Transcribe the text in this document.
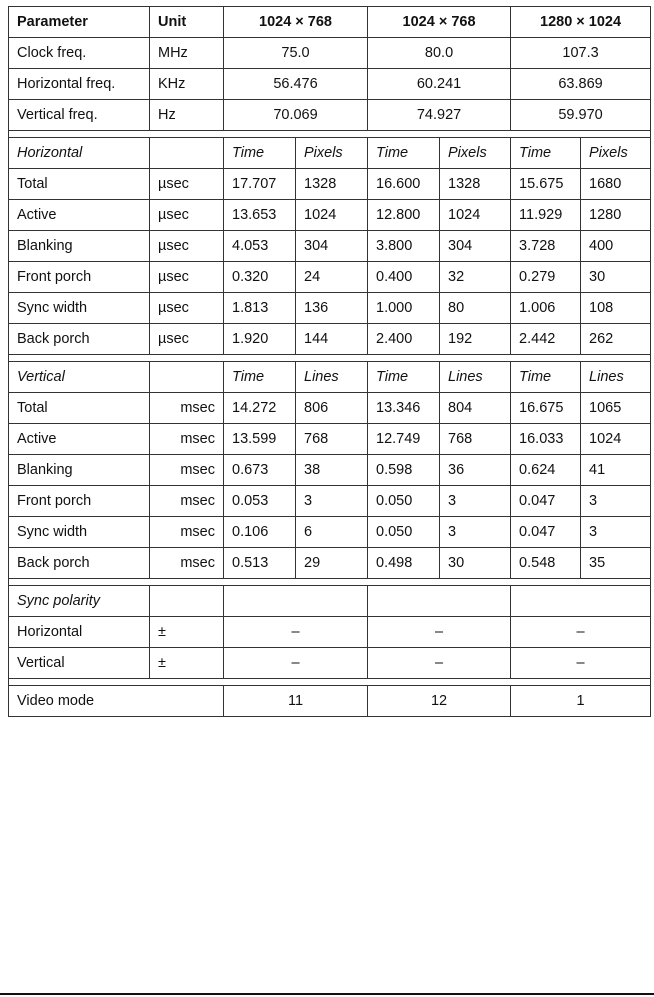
Parameter	Unit	1024 × 768		1024 × 768		1280 × 1024	
Clock freq.	MHz	75.0		80.0		107.3	
Horizontal freq.	KHz	56.476		60.241		63.869	
Vertical freq.	Hz	70.069		74.927		59.970	

Horizontal		Time	Pixels	Time	Pixels	Time	Pixels
Total	µsec	17.707	1328	16.600	1328	15.675	1680
Active	µsec	13.653	1024	12.800	1024	11.929	1280
Blanking	µsec	4.053	304	3.800	304	3.728	400
Front porch	µsec	0.320	24	0.400	32	0.279	30
Sync width	µsec	1.813	136	1.000	80	1.006	108
Back porch	µsec	1.920	144	2.400	192	2.442	262

Vertical		Time	Lines	Time	Lines	Time	Lines
Total	msec	14.272	806	13.346	804	16.675	1065
Active	msec	13.599	768	12.749	768	16.033	1024
Blanking	msec	0.673	38	0.598	36	0.624	41
Front porch	msec	0.053	3	0.050	3	0.047	3
Sync width	msec	0.106	6	0.050	3	0.047	3
Back porch	msec	0.513	29	0.498	30	0.548	35

Sync polarity							
Horizontal	±	–		–		–	
Vertical	±	–		–		–	

Video mode		11		12		1	
